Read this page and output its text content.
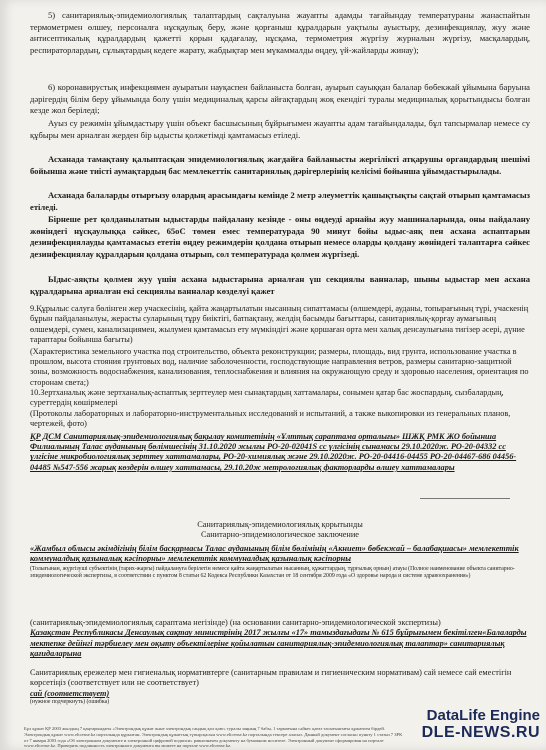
5) санитариялық-эпидемиологиялық талаптардың сақталуына жауапты адамды тағайындау температураны жанаспайтын термометрмен өлшеу, персоналға нұсқаулық беру, және қорғаныш құралдарын уақтылы ауыстыру, дезинфекциялау, жуу және антисептикалық құралдардың қажетті қорын қадағалау, нұсқама, термометрия жүргізу журналын жүргізу, масқалардың, респираторлардың, сұлықтардың кедеге жарату, жабдықтар мен мүкаммалды өңдеу, үй-жайларды жинау);

6) коронавирустық инфекциямен ауыратын науқаспен байланыста болған, ауырып сауыққан балалар бөбекжай ұйымына баруына дәрігердің білім беру ұйымында болу үшін медициналық қарсы айғақтардың жоқ екендігі туралы медициналық қорытындысы болған кезде жол беріледі;

Ауыз су режимін ұйымдастыру үшін объект басшысының бұйрығымен жауапты адам тағайындалады, бұл тапсырмалар немесе су құбыры мен арналған жерден бір ыдысты қолжетімді қамтамасыз етіледі.

Асханада тамақтану қалыптасқан эпидемиологиялық жағдайға байланысты жергілікті атқарушы органдардың шешімі бойынша және тиісті аумақтардың бас мемлекеттік санитариялық дәрігерлерінің келісімі бойынша ұйымдастырылады.

Асханада балаларды отырғызу олардың арасындағы кемінде 2 метр әлеуметтік қашықтықты сақтай отырып қамтамасыз етіледі.

Бірнеше рет қолданылатын ыдыстарды пайдалану кезінде - оны өңдеуді арнайы жуу машиналарында, оны пайдалану жөніндегі нұсқаулыққа сәйкес, 65оС төмен емес температурада 90 минут бойы ыдыс-аяқ пен асхана аспаптарын дезинфекциялауды қамтамасыз ететін өңдеу режимдерін қолдана отырып немесе оларды қолдану жөніндегі талаптарға сәйкес дезинфекциялау құралдарын қолдана отырып, сол температурада қолмен жүргізеді.

Ыдыс-аяқты қолмен жуу үшін асхана ыдыстарына арналған үш секциялы ванналар, шыны ыдыстар мен асхана құралдарына арналған екі секциялы ванналар көзделуі қажет

9.Құрылыс салуға бөлінген жер учаскесінің, қайта жаңартылатын нысанның сипаттамасы (өлшемдері, ауданы, топырағының түрі, учаскенің бұрын пайдаланылуы, жерасты суларының тұру биіктігі, батпақтану, желдің басымды бағыттары, санитариялық-қорғау аумағының өлшемдері, сумен, канализациямен, жылумен қамтамасыз ету мүмкіндігі және қоршаған орта мен халық денсаулығына тигізер әсері, дүние тараптары бойынша бағыты)

(Характеристика земельного участка под строительство, объекта реконструкции; размеры, площадь, вид грунта, использование участка в прошлом, высота стояния грунтовых вод, наличие заболоченности, господствующие направления ветров, размеры санитарно-защитной зоны, возможность водоснабжения, канализования, теплоснабжения и влияния на окружающую среду и здоровью населения, ориентация по сторонам света;)

10.Зертханалық және зертханалық-аспаптық зерттеулер мен сынақтардың хаттамалары, сонымен қатар бас жоспардың, сызбалардың, суреттердің көшірмелері

(Протоколы лабораторных и лабораторно-инструментальных исследований и испытаний, а также выкопировки из генеральных планов, чертежей, фото)

ҚР ДСМ Санитариялық-эпидемиологиялық бақылау комитетінің «Ұлттық сараптама орталығы» ШЖҚ РМК ЖО бойынша Филиалының Талас ауданының бөлімшесінің 31.10.2020 жылғы РО-20-02041Ѕ сс үлгісінің сынамасы 29.10.2020ж. РО-20-04332 сс үлгісіне микробиологиялық зерттеу хаттамалары, РО-20-химиялық және 29.10.2020ж. РО-20-04416-04455 РО-20-04467-686 04456-04485 №547-556 жарық көздерін өлшеу хаттамасы, 29.10.20ж метрологиялық факторларды өлшеу хаттамалары

Санитариялық-эпидемиологиялық қорытынды

Санитарно-эпидемиологическое заключение

«Жамбыл облысы әкімдігінің білім басқармасы Талас ауданының білім бөлімінің «Акниет» бөбекжай – балабақшасы» мемлекеттік коммуналдық қазыналық кәсіпорны» мемлекеттік коммуналдық қазыналық кәсіпорны

(Толығынан, жүргізуші субъектінің (тарих-жарғы) пайдалануға берілетін немесе қайта жаңартылатын нысанның, құжаттардың, тұрғылық орнын) атауы (Полное наименование объекта санитарно-эпидемиологической экспертизы, в соответствии с пунктом 8 статьи 62 Кодекса Республики Казахстан от 18 сентября 2009 года «О здоровье народа и системе здравоохранения»)

(санитариялық-эпидемиологиялық сараптама негізінде) (на основании санитарно-эпидемиологической экспертизы)

Қазақстан Республикасы Денсаулық сақтау министрінің 2017 жылғы «17» тамыздағыдағы № 615 бұйрығымен бекітілген«Балаларды мектепке дейінгі тәрбиелеу мен оқыту объектілеріне қойылатын санитариялық-эпидемиологиялық талаптар» санитариялық қағидаларына

Санитариялық ережелер мен гигиеналық нормативтерге (санитарным правилам и гигиеническим нормативам) сай немесе сай еместігін көрсетіңіз (соответствует или не соответствует)

сай (соответствует)

(нужное подчеркнуть) (ошибка)

Бұл құжат ҚР 2003 жылдың 7 қаңтарындағы «Электрондық құжат және электрондық сандық қол қою» туралы заңның 7 бабы, 1 тармағына сәйкес қағаз тасығыштағы құжатпен бірдей. Электрондық құжат www.elicense.kz порталында құрылған. Электрондық құжаттың түпнұсқасын www.elicense.kz порталында тексере аласыз. Данный документ согласно пункту 1 статьи 7 ЗРК от 7 января 2003 года «Об электронном документе и электронной цифровой подписи» равнозначен документу на бумажном носителе. Электронный документ сформирован на портале www.elicense.kz. Проверить подлинность электронного документа вы можете на портале www.elicense.kz.
DataLife Engine
DLE-NEWS.RU
